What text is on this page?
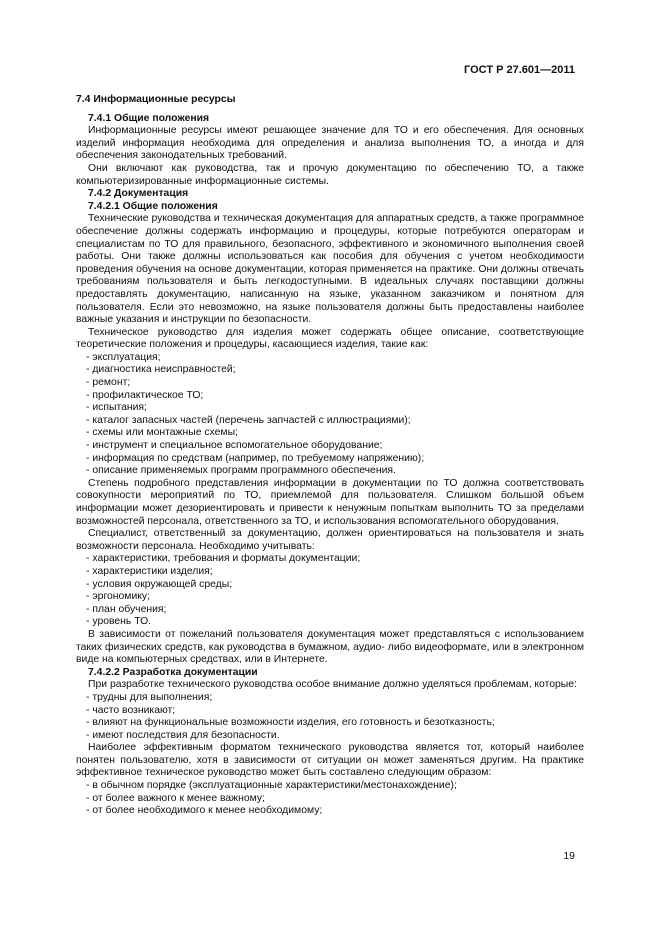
ГОСТ Р 27.601—2011
7.4 Информационные ресурсы
7.4.1 Общие положения

Информационные ресурсы имеют решающее значение для ТО и его обеспечения. Для основных изделий информация необходима для определения и анализа выполнения ТО, а иногда и для обеспечения законодательных требований.

Они включают как руководства, так и прочую документацию по обеспечению ТО, а также компьютеризированные информационные системы.

7.4.2 Документация
7.4.2.1 Общие положения

Технические руководства и техническая документация для аппаратных средств, а также программное обеспечение должны содержать информацию и процедуры, которые потребуются операторам и специалистам по ТО для правильного, безопасного, эффективного и экономичного выполнения своей работы. Они также должны использоваться как пособия для обучения с учетом необходимости проведения обучения на основе документации, которая применяется на практике. Они должны отвечать требованиям пользователя и быть легкодоступными. В идеальных случаях поставщики должны предоставлять документацию, написанную на языке, указанном заказчиком и понятном для пользователя. Если это невозможно, на языке пользователя должны быть предоставлены наиболее важные указания и инструкции по безопасности.

Техническое руководство для изделия может содержать общее описание, соответствующие теоретические положения и процедуры, касающиеся изделия, такие как:

- эксплуатация;
- диагностика неисправностей;
- ремонт;
- профилактическое ТО;
- испытания;
- каталог запасных частей (перечень запчастей с иллюстрациями);
- схемы или монтажные схемы;
- инструмент и специальное вспомогательное оборудование;
- информация по средствам (например, по требуемому напряжению);
- описание применяемых программ программного обеспечения.

Степень подробного представления информации в документации по ТО должна соответствовать совокупности мероприятий по ТО, приемлемой для пользователя. Слишком большой объем информации может дезориентировать и привести к ненужным попыткам выполнить ТО за пределами возможностей персонала, ответственного за ТО, и использования вспомогательного оборудования.

Специалист, ответственный за документацию, должен ориентироваться на пользователя и знать возможности персонала. Необходимо учитывать:

- характеристики, требования и форматы документации;
- характеристики изделия;
- условия окружающей среды;
- эргономику;
- план обучения;
- уровень ТО.

В зависимости от пожеланий пользователя документация может представляться с использованием таких физических средств, как руководства в бумажном, аудио- либо видеоформате, или в электронном виде на компьютерных средствах, или в Интернете.

7.4.2.2 Разработка документации

При разработке технического руководства особое внимание должно уделяться проблемам, которые:

- трудны для выполнения;
- часто возникают;
- влияют на функциональные возможности изделия, его готовность и безотказность;
- имеют последствия для безопасности.

Наиболее эффективным форматом технического руководства является тот, который наиболее понятен пользователю, хотя в зависимости от ситуации он может заменяться другим. На практике эффективное техническое руководство может быть составлено следующим образом:

- в обычном порядке (эксплуатационные характеристики/местонахождение);
- от более важного к менее важному;
- от более необходимого к менее необходимому;
19
